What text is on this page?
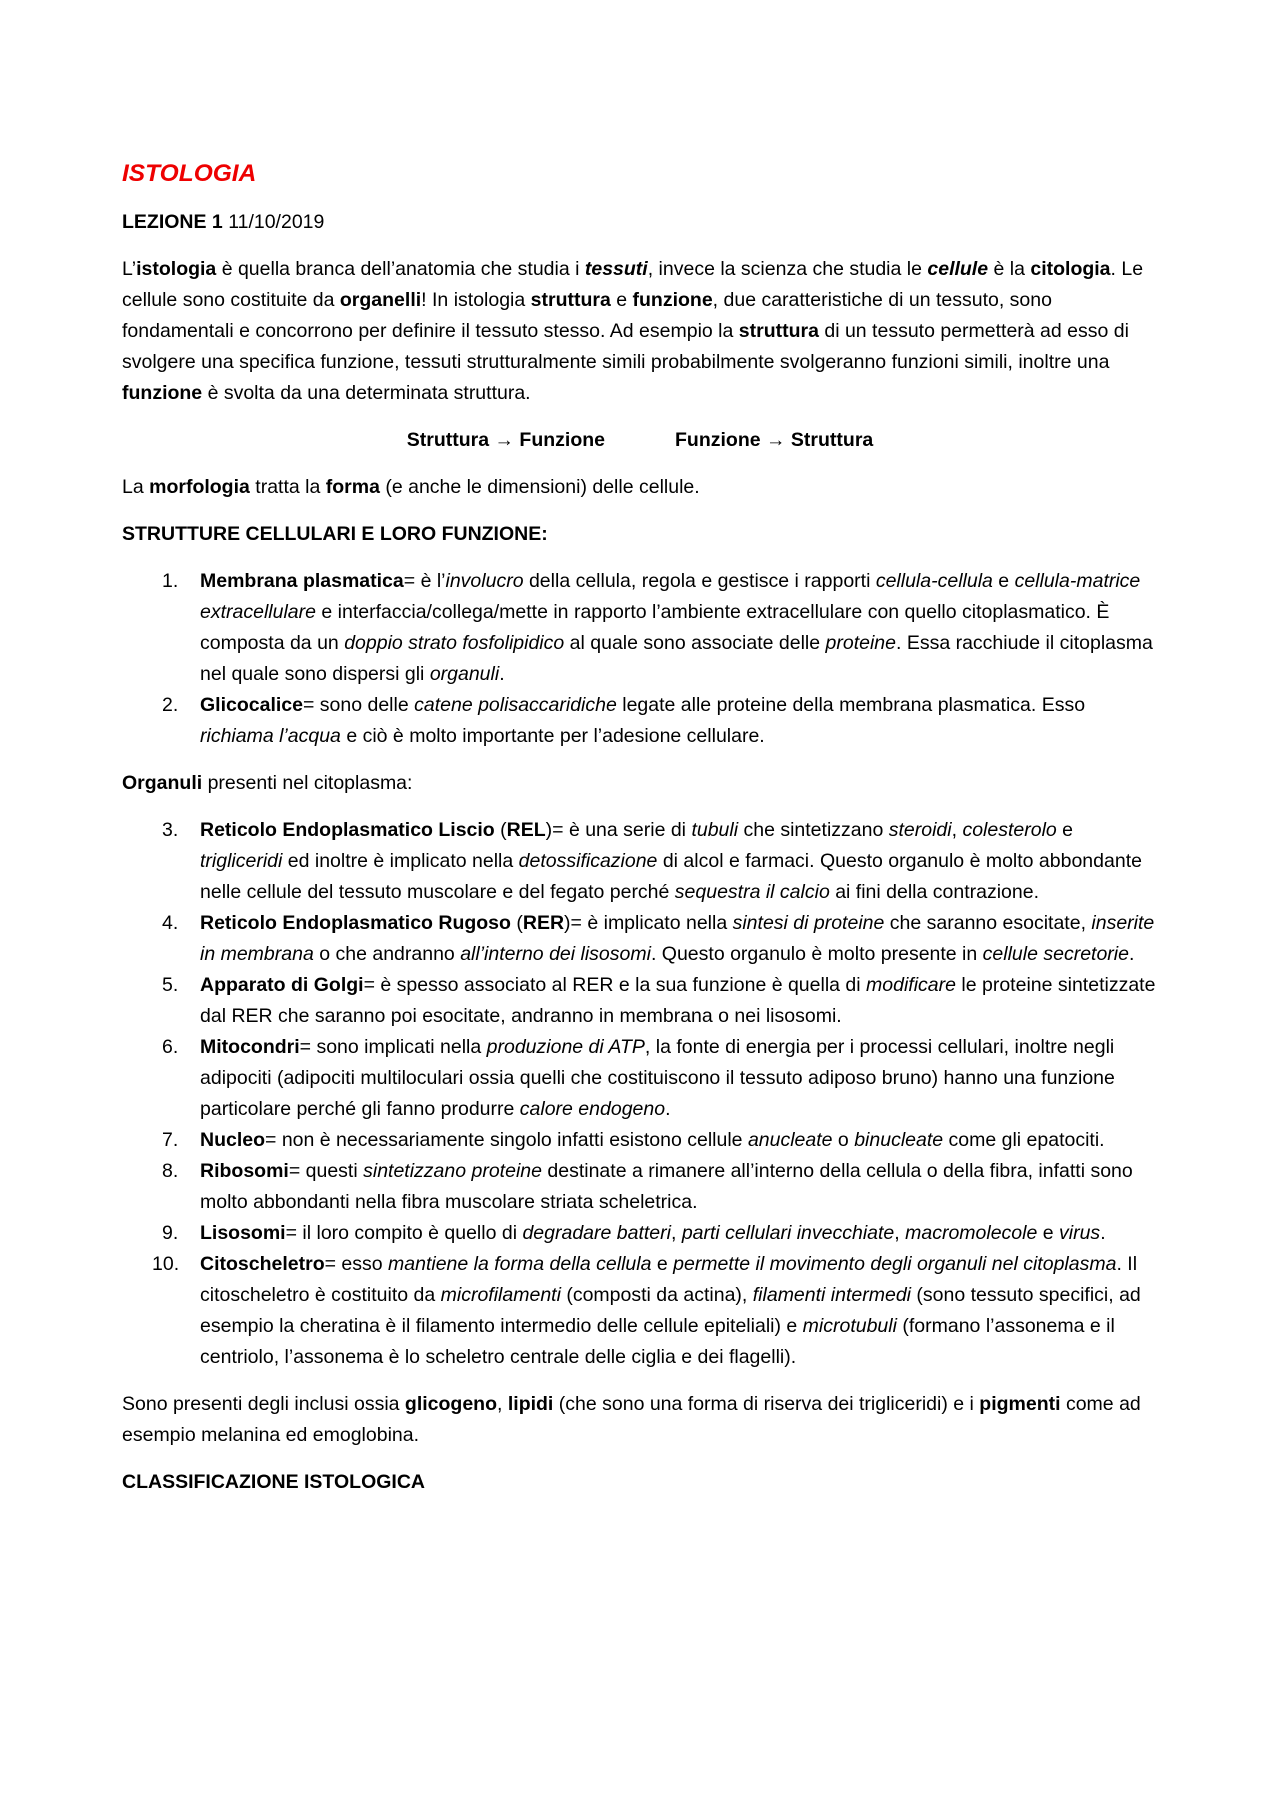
ISTOLOGIA
LEZIONE 1 11/10/2019

L’istologia è quella branca dell’anatomia che studia i tessuti, invece la scienza che studia le cellule è la citologia. Le cellule sono costituite da organelli! In istologia struttura e funzione, due caratteristiche di un tessuto, sono fondamentali e concorrono per definire il tessuto stesso. Ad esempio la struttura di un tessuto permetterà ad esso di svolgere una specifica funzione, tessuti strutturalmente simili probabilmente svolgeranno funzioni simili, inoltre una funzione è svolta da una determinata struttura.

Struttura → Funzione	Funzione → Struttura

La morfologia tratta la forma (e anche le dimensioni) delle cellule.

STRUTTURE CELLULARI E LORO FUNZIONE:
1.	Membrana plasmatica= è l’involucro della cellula, regola e gestisce i rapporti cellula-cellula e cellula-matrice extracellulare e interfaccia/collega/mette in rapporto l’ambiente extracellulare con quello citoplasmatico. È composta da un doppio strato fosfolipidico al quale sono associate delle proteine. Essa racchiude il citoplasma nel quale sono dispersi gli organuli.
2.	Glicocalice= sono delle catene polisaccaridiche legate alle proteine della membrana plasmatica. Esso richiama l’acqua e ciò è molto importante per l’adesione cellulare.

Organuli presenti nel citoplasma:

3.	Reticolo Endoplasmatico Liscio (REL)= è una serie di tubuli che sintetizzano steroidi, colesterolo e trigliceridi ed inoltre è implicato nella detossificazione di alcol e farmaci. Questo organulo è molto abbondante nelle cellule del tessuto muscolare e del fegato perché sequestra il calcio ai fini della contrazione.
4.	Reticolo Endoplasmatico Rugoso (RER)= è implicato nella sintesi di proteine che saranno esocitate, inserite in membrana o che andranno all’interno dei lisosomi. Questo organulo è molto presente in cellule secretorie.
5.	Apparato di Golgi= è spesso associato al RER e la sua funzione è quella di modificare le proteine sintetizzate dal RER che saranno poi esocitate, andranno in membrana o nei lisosomi.
6.	Mitocondri= sono implicati nella produzione di ATP, la fonte di energia per i processi cellulari, inoltre negli adipociti (adipociti multiloculari ossia quelli che costituiscono il tessuto adiposo bruno) hanno una funzione particolare perché gli fanno produrre calore endogeno.
7.	Nucleo= non è necessariamente singolo infatti esistono cellule anucleate o binucleate come gli epatociti.
8.	Ribosomi= questi sintetizzano proteine destinate a rimanere all’interno della cellula o della fibra, infatti sono molto abbondanti nella fibra muscolare striata scheletrica.
9.	Lisosomi= il loro compito è quello di degradare batteri, parti cellulari invecchiate, macromolecole e virus.
10. Citoscheletro= esso mantiene la forma della cellula e permette il movimento degli organuli nel citoplasma. Il citoscheletro è costituito da microfilamenti (composti da actina), filamenti intermedi (sono tessuto specifici, ad esempio la cheratina è il filamento intermedio delle cellule epiteliali) e microtubuli (formano l’assonema e il centriolo, l’assonema è lo scheletro centrale delle ciglia e dei flagelli).

Sono presenti degli inclusi ossia glicogeno, lipidi (che sono una forma di riserva dei trigliceridi) e i pigmenti come ad esempio melanina ed emoglobina.

CLASSIFICAZIONE ISTOLOGICA
